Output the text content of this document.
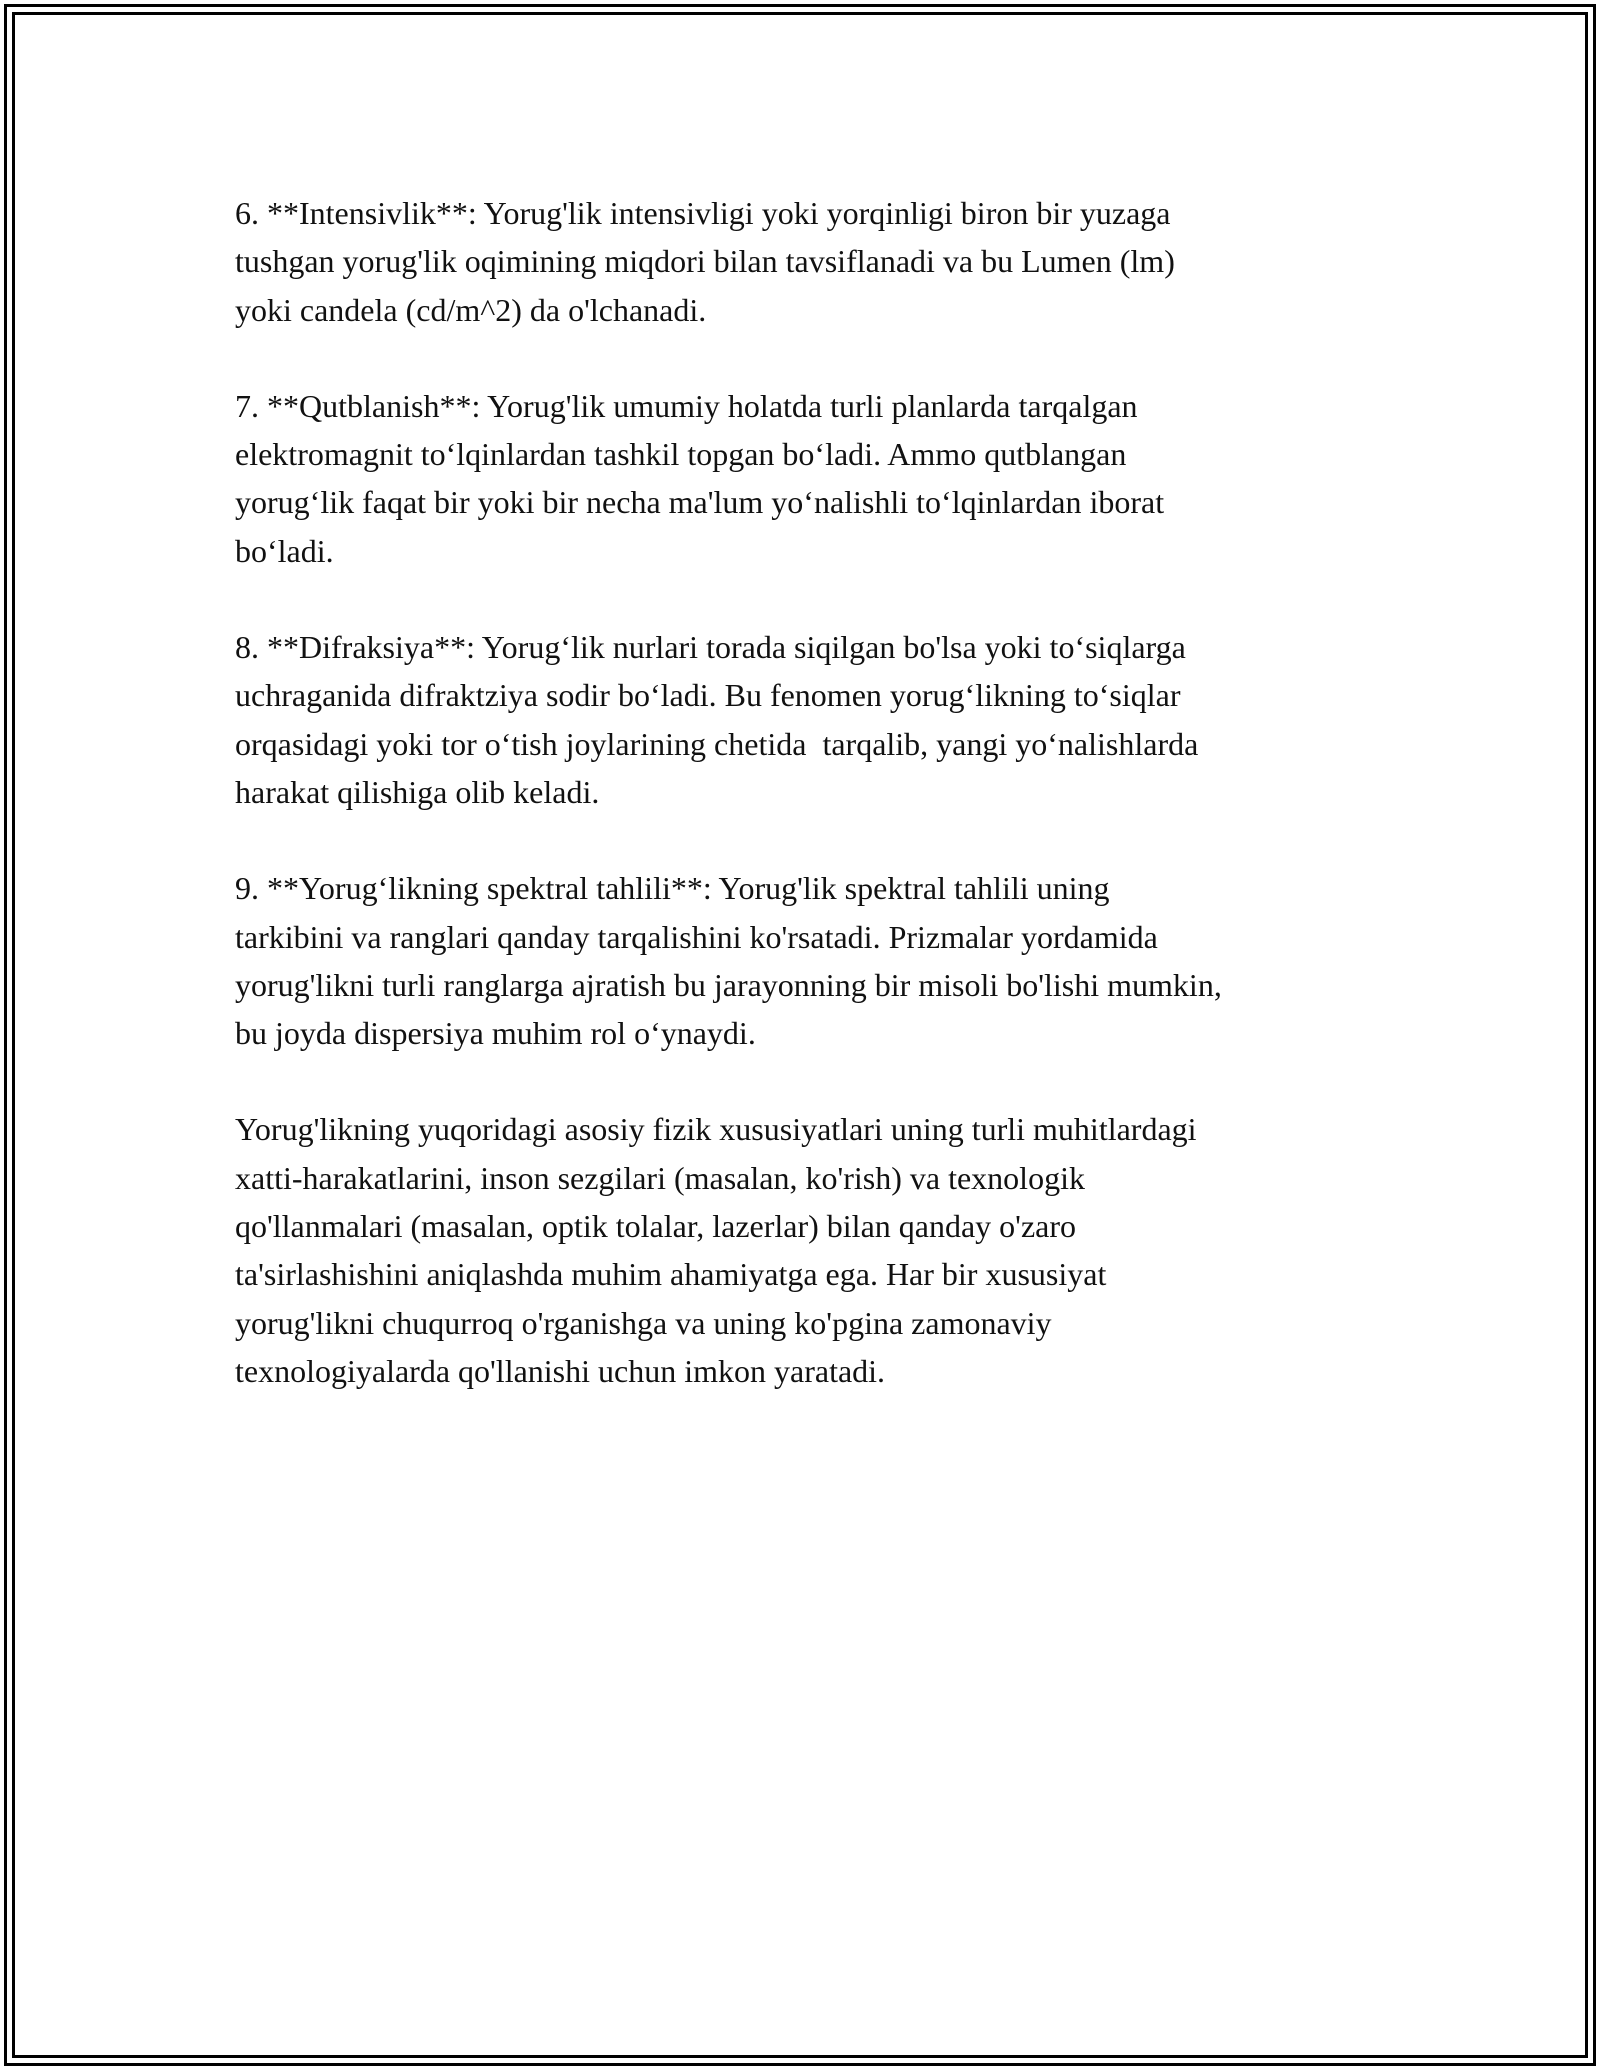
6. **Intensivlik**: Yorug'lik intensivligi yoki yorqinligi biron bir yuzaga
tushgan yorug'lik oqimining miqdori bilan tavsiflanadi va bu Lumen (lm)
yoki candela (cd/m^2) da o'lchanadi.

7. **Qutblanish**: Yorug'lik umumiy holatda turli planlarda tarqalgan
elektromagnit to‘lqinlardan tashkil topgan bo‘ladi. Ammo qutblangan
yorug‘lik faqat bir yoki bir necha ma'lum yo‘nalishli to‘lqinlardan iborat
bo‘ladi.

8. **Difraksiya**: Yorug‘lik nurlari torada siqilgan bo'lsa yoki to‘siqlarga
uchraganida difraktziya sodir bo‘ladi. Bu fenomen yorug‘likning to‘siqlar
orqasidagi yoki tor o‘tish joylarining chetida  tarqalib, yangi yo‘nalishlarda
harakat qilishiga olib keladi.

9. **Yorug‘likning spektral tahlili**: Yorug'lik spektral tahlili uning
tarkibini va ranglari qanday tarqalishini ko'rsatadi. Prizmalar yordamida
yorug'likni turli ranglarga ajratish bu jarayonning bir misoli bo'lishi mumkin,
bu joyda dispersiya muhim rol o‘ynaydi.

Yorug'likning yuqoridagi asosiy fizik xususiyatlari uning turli muhitlardagi
xatti-harakatlarini, inson sezgilari (masalan, ko'rish) va texnologik
qo'llanmalari (masalan, optik tolalar, lazerlar) bilan qanday o'zaro
ta'sirlashishini aniqlashda muhim ahamiyatga ega. Har bir xususiyat
yorug'likni chuqurroq o'rganishga va uning ko'pgina zamonaviy
texnologiyalarda qo'llanishi uchun imkon yaratadi.
